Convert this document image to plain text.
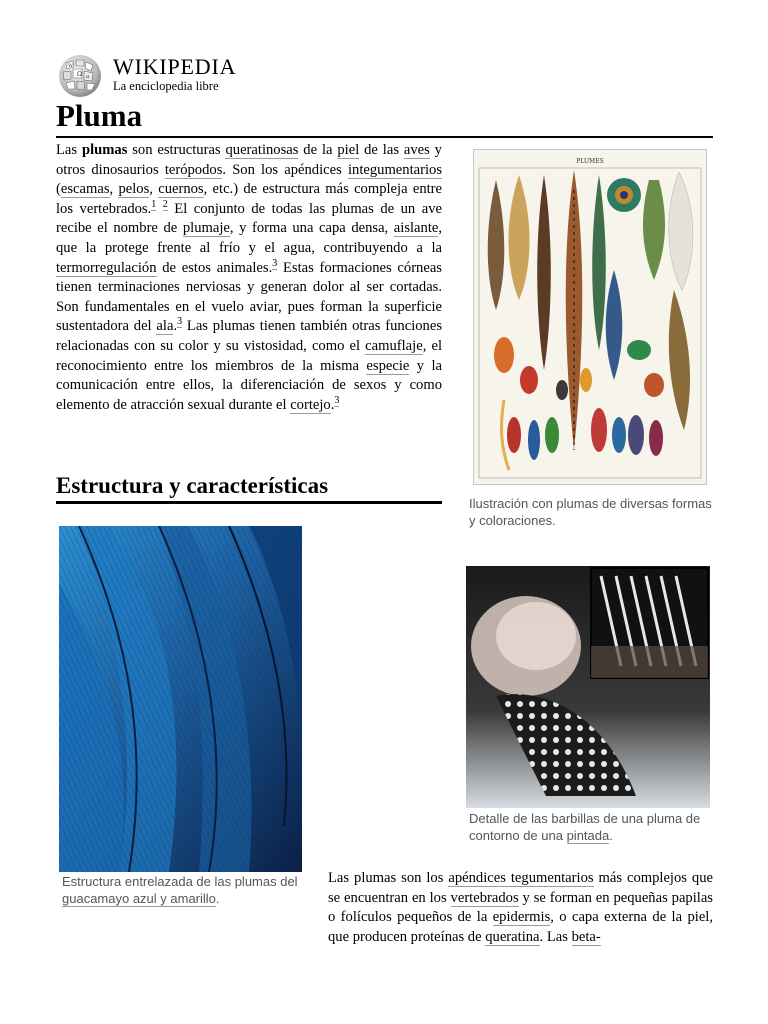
W
Ω и WIKIPEDIA
La enciclopedia libre
Pluma

Las plumas son estructuras queratinosas de la piel de las aves y otros dinosaurios terópodos. Son los apéndices integumentarios (escamas, pelos, cuernos, etc.) de estructura más compleja entre los vertebrados.$^1$ $^2$ El conjunto de todas las plumas de un ave recibe el nombre de plumaje, y forma una capa densa, aislante, que la protege frente al frío y el agua, contribuyendo a la termorregulación de estos animales.$^3$ Estas formaciones córneas tienen terminaciones nerviosas y generan dolor al ser cortadas. Son fundamentales en el vuelo aviar, pues forman la superficie sustentadora del ala.$^3$ Las plumas tienen también otras funciones relacionadas con su color y su vistosidad, como el camuflaje, el reconocimiento entre los miembros de la misma especie y la comunicación entre ellos, la diferenciación de sexos y como elemento de atracción sexual durante el cortejo.$^3$

PLUMES

Ilustración con plumas de diversas formas y coloraciones.

Estructura y características

Estructura entrelazada de las plumas del guacamayo azul y amarillo.

Detalle de las barbillas de una pluma de contorno de una pintada.

Las plumas son los apéndices tegumentarios más complejos que se encuentran en los vertebrados y se forman en pequeñas papilas o folículos pequeños de la epidermis, o capa externa de la piel, que producen proteínas de queratina. Las beta-
